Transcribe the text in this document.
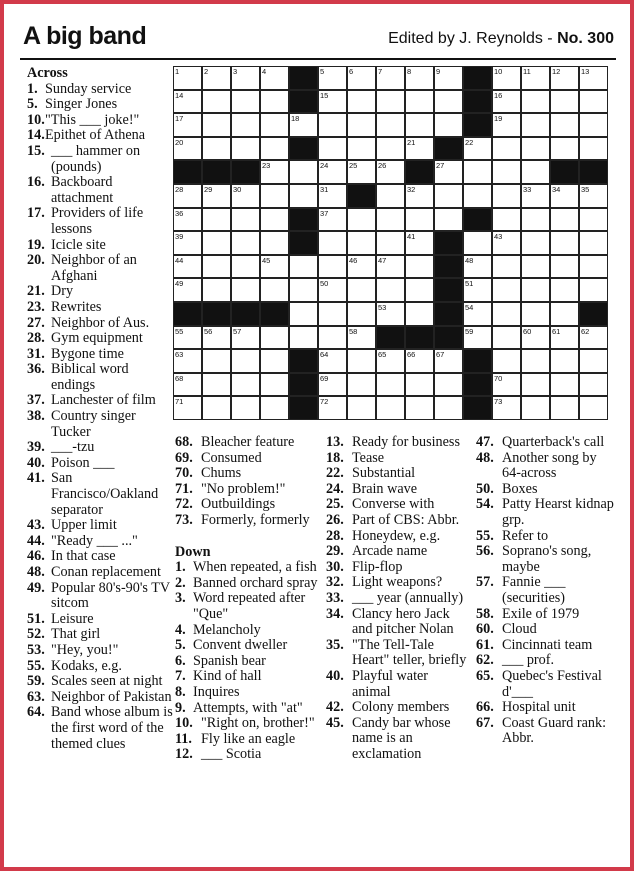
A big band	Edited by J. Reynolds - No. 300
Across
1. Sunday service
5. Singer Jones
10. "This ___ joke!"
14. Epithet of Athena
15. ___ hammer on (pounds)
16. Backboard attachment
17. Providers of life lessons
19. Icicle site
20. Neighbor of an Afghani
21. Dry
23. Rewrites
27. Neighbor of Aus.
28. Gym equipment
31. Bygone time
36. Biblical word endings
37. Lanchester of film
38. Country singer Tucker
39. ___-tzu
40. Poison ___
41. San Francisco/Oakland separator
43. Upper limit
44. "Ready ___ ..."
46. In that case
48. Conan replacement
49. Popular 80's-90's TV sitcom
51. Leisure
52. That girl
53. "Hey, you!"
55. Kodaks, e.g.
59. Scales seen at night
63. Neighbor of Pakistan
64. Band whose album is the first word of the themed clues
68. Bleacher feature
69. Consumed
70. Chums
71. "No problem!"
72. Outbuildings
73. Formerly, formerly
Down
1. When repeated, a fish
2. Banned orchard spray
3. Word repeated after "Que"
4. Melancholy
5. Convent dweller
6. Spanish bear
7. Kind of hall
8. Inquires
9. Attempts, with "at"
10. "Right on, brother!"
11. Fly like an eagle
12. ___ Scotia
13. Ready for business
18. Tease
22. Substantial
24. Brain wave
25. Converse with
26. Part of CBS: Abbr.
28. Honeydew, e.g.
29. Arcade name
30. Flip-flop
32. Light weapons?
33. ___ year (annually)
34. Clancy hero Jack and pitcher Nolan
35. "The Tell-Tale Heart" teller, briefly
40. Playful water animal
42. Colony members
45. Candy bar whose name is an exclamation
47. Quarterback's call
48. Another song by 64-across
50. Boxes
54. Patty Hearst kidnap grp.
55. Refer to
56. Soprano's song, maybe
57. Fannie ___ (securities)
58. Exile of 1979
60. Cloud
61. Cincinnati team
62. ___ prof.
65. Quebec's Festival d'___
66. Hospital unit
67. Coast Guard rank: Abbr.
1	2	3	4	5	6	7	8	9	10	11	12	13
14	15	16
17	18	19
20	21	22
23	24	25	26	27
28	29	30	31	32	33	34	35
36	37
39	41	43
44	45	46	47	48
49	50	51
53	54
55	56	57	58	59	60	61	62
63	64	65	66	67
68	69	70
71	72	73
